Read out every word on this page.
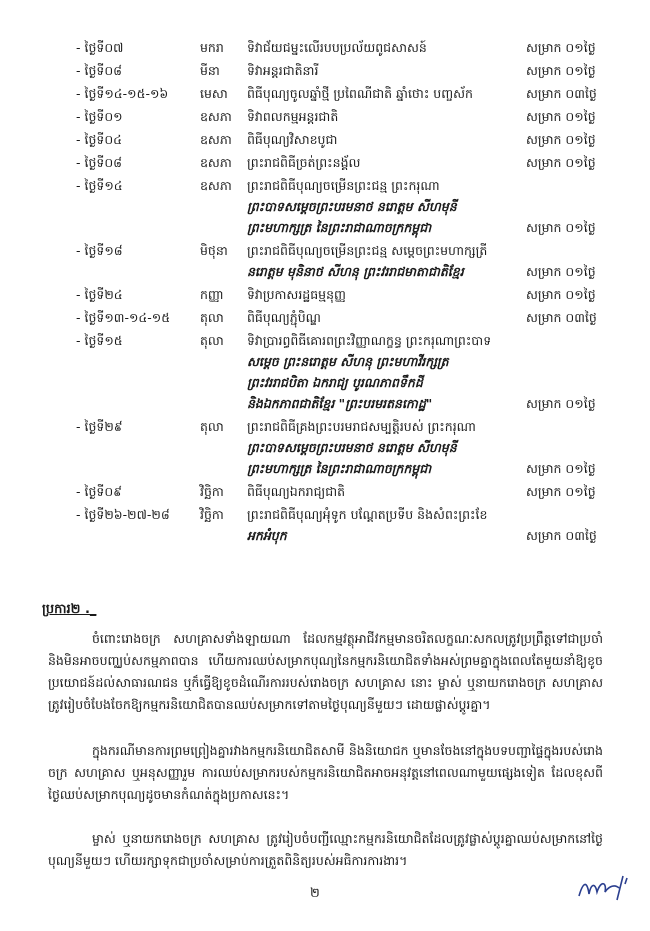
- ថ្ងៃទី០៧	មករា ទិវាជ័យជម្នះលើរបបប្រល័យពូជសាសន៍	សម្រាក ០១ថ្ងៃ
- ថ្ងៃទី០៨	មីនា ទិវាអន្តរជាតិនារី	សម្រាក ០១ថ្ងៃ
- ថ្ងៃទី១៤-១៥-១៦	មេសា ពិធីបុណ្យចូលឆ្នាំថ្មី ប្រពៃណីជាតិ ឆ្នាំថោះ បញ្ចស័ក	សម្រាក ០៣ថ្ងៃ
- ថ្ងៃទី០១	ឧសភា ទិវាពលកម្មអន្តរជាតិ	សម្រាក ០១ថ្ងៃ
- ថ្ងៃទី០៤	ឧសភា ពិធីបុណ្យវិសាខបូជា	សម្រាក ០១ថ្ងៃ
- ថ្ងៃទី០៨	ឧសភា ព្រះរាជពិធីច្រត់ព្រះនង្គ័ល	សម្រាក ០១ថ្ងៃ
- ថ្ងៃទី១៤	ឧសភា ព្រះរាជពិធីបុណ្យចម្រើនព្រះជន្ម ព្រះករុណា
ព្រះបាទសម្តេចព្រះបរមនាថ នរោត្តម សីហមុនី
ព្រះមហាក្សត្រ នៃព្រះរាជាណាចក្រកម្ពុជា	សម្រាក ០១ថ្ងៃ
- ថ្ងៃទី១៨	មិថុនា ព្រះរាជពិធីបុណ្យចម្រើនព្រះជន្ម សម្តេចព្រះមហាក្សត្រី
នរោត្តម មុនិនាថ សីហនុ ព្រះវររាជមាតាជាតិខ្មែរ	សម្រាក ០១ថ្ងៃ
- ថ្ងៃទី២៤	កញ្ញា ទិវាប្រកាសរដ្ឋធម្មនុញ្ញ	សម្រាក ០១ថ្ងៃ
- ថ្ងៃទី១៣-១៤-១៥ តុលា ពិធីបុណ្យភ្ជុំបិណ្ឌ	សម្រាក ០៣ថ្ងៃ
- ថ្ងៃទី១៥	តុលា ទិវាប្រារព្ធពិធីគោរពព្រះវិញ្ញាណក្ខន្ធ ព្រះករុណាព្រះបាទ
សម្តេច ព្រះនរោត្តម សីហនុ ព្រះមហាវីរក្សត្រ
ព្រះវររាជបិតា ឯករាជ្យ បូរណភាពទឹកដី
និងឯកភាពជាតិខ្មែរ "ព្រះបរមរតនកោដ្ឋ"	សម្រាក ០១ថ្ងៃ
- ថ្ងៃទី២៩	តុលា ព្រះរាជពិធីគ្រងព្រះបរមរាជសម្បត្តិរបស់ ព្រះករុណា
ព្រះបាទសម្តេចព្រះបរមនាថ នរោត្តម សីហមុនី
ព្រះមហាក្សត្រ នៃព្រះរាជាណាចក្រកម្ពុជា	សម្រាក ០១ថ្ងៃ
- ថ្ងៃទី០៩	វិច្ឆិកា ពិធីបុណ្យឯករាជ្យជាតិ	សម្រាក ០១ថ្ងៃ
- ថ្ងៃទី២៦-២៧-២៨ វិច្ឆិកា ព្រះរាជពិធីបុណ្យអុំទូក បណ្តែតប្រទីប និងសំពះព្រះខែ
អកអំបុក	សម្រាក ០៣ថ្ងៃ
ប្រការ២ ._

ចំពោះរោងចក្រ សហគ្រាសទាំងឡាយណា ដែលកម្មវត្ថុអាជីវកម្មមានចរិតលក្ខណៈសកលត្រូវប្រព្រឹត្តទៅជាប្រចាំ និងមិនអាចបញ្ឈប់សកម្មភាពបាន ហើយការឈប់សម្រាកបុណ្យនៃកម្មករនិយោជិតទាំងអស់ព្រមគ្នាក្នុងពេលតែមួយនាំឱ្យខូចប្រយោជន៍ដល់សាធារណជន ឬក៏ធ្វើឱ្យខូចដំណើរការរបស់រោងចក្រ សហគ្រាស នោះ ម្ចាស់ ឬនាយករោងចក្រ សហគ្រាស ត្រូវរៀបចំបែងចែកឱ្យកម្មករនិយោជិតបានឈប់សម្រាកទៅតាមថ្ងៃបុណ្យនីមួយៗ ដោយផ្លាស់ប្តូរគ្នា។

ក្នុងករណីមានការព្រមព្រៀងគ្នារវាងកម្មករនិយោជិតសាមី និងនិយោជក ឬមានចែងនៅក្នុងបទបញ្ជាផ្ទៃក្នុងរបស់រោងចក្រ សហគ្រាស ឬអនុសញ្ញារួម ការឈប់សម្រាករបស់កម្មករនិយោជិតអាចអនុវត្តនៅពេលណាមួយផ្សេងទៀត ដែលខុសពីថ្ងៃឈប់សម្រាកបុណ្យដូចមានកំណត់ក្នុងប្រកាសនេះ។

ម្ចាស់ ឬនាយករោងចក្រ សហគ្រាស ត្រូវរៀបចំបញ្ជីឈ្មោះកម្មករនិយោជិតដែលត្រូវផ្លាស់ប្តូរគ្នាឈប់សម្រាកនៅថ្ងៃបុណ្យនីមួយៗ ហើយរក្សាទុកជាប្រចាំសម្រាប់ការត្រួតពិនិត្យរបស់អធិការការងារ។

២
